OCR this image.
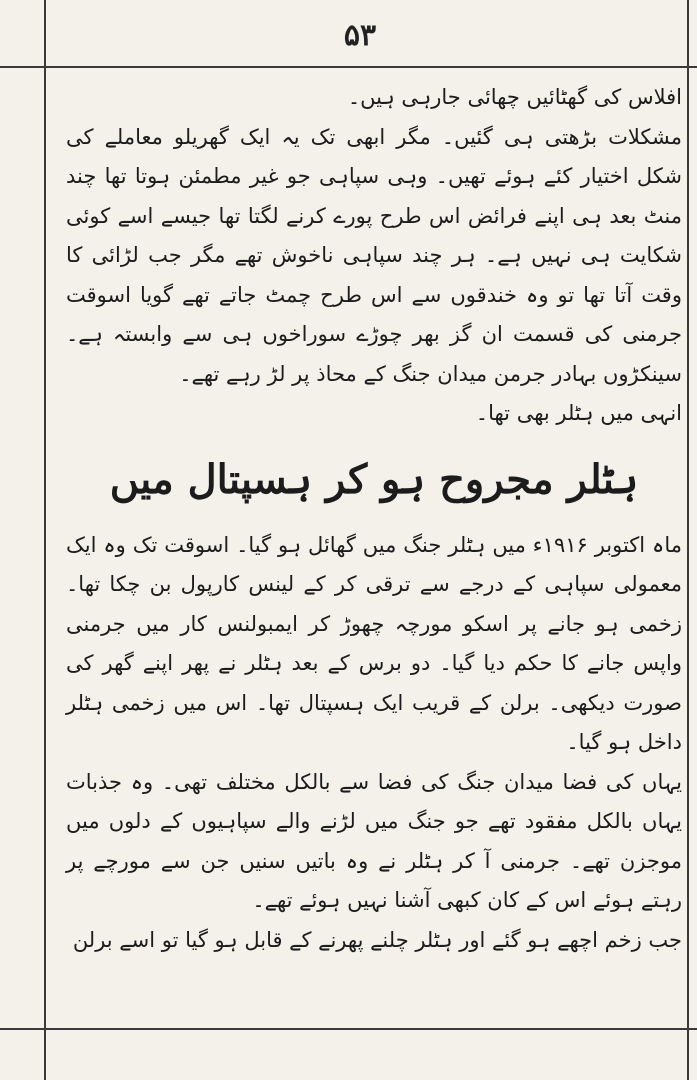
۵۳

افلاس کی گھٹائیں چھائی جارہی ہیں۔

مشکلات بڑھتی ہی گئیں۔ مگر ابھی تک یہ ایک گھریلو معاملے کی شکل اختیار کئے ہوئے تھیں۔ وہی سپاہی جو غیر مطمئن ہوتا تھا چند منٹ بعد ہی اپنے فرائض اس طرح پورے کرنے لگتا تھا جیسے اسے کوئی شکایت ہی نہیں ہے۔ ہر چند سپاہی ناخوش تھے مگر جب لڑائی کا وقت آتا تھا تو وہ خندقوں سے اس طرح چمٹ جاتے تھے گویا اسوقت جرمنی کی قسمت ان گز بھر چوڑے سوراخوں ہی سے وابستہ ہے۔ سینکڑوں بہادر جرمن میدان جنگ کے محاذ پر لڑ رہے تھے۔

انہی میں ہٹلر بھی تھا۔

ہٹلر مجروح ہو کر ہسپتال میں

ماہ اکتوبر ۱۹۱۶ء میں ہٹلر جنگ میں گھائل ہو گیا۔ اسوقت تک وہ ایک معمولی سپاہی کے درجے سے ترقی کر کے لینس کارپول بن چکا تھا۔ زخمی ہو جانے پر اسکو مورچہ چھوڑ کر ایمبولنس کار میں جرمنی واپس جانے کا حکم دیا گیا۔ دو برس کے بعد ہٹلر نے پھر اپنے گھر کی صورت دیکھی۔ برلن کے قریب ایک ہسپتال تھا۔ اس میں زخمی ہٹلر داخل ہو گیا۔

یہاں کی فضا میدان جنگ کی فضا سے بالکل مختلف تھی۔ وہ جذبات یہاں بالکل مفقود تھے جو جنگ میں لڑنے والے سپاہیوں کے دلوں میں موجزن تھے۔ جرمنی آ کر ہٹلر نے وہ باتیں سنیں جن سے مورچے پر رہتے ہوئے اس کے کان کبھی آشنا نہیں ہوئے تھے۔

جب زخم اچھے ہو گئے اور ہٹلر چلنے پھرنے کے قابل ہو گیا تو اسے برلن
